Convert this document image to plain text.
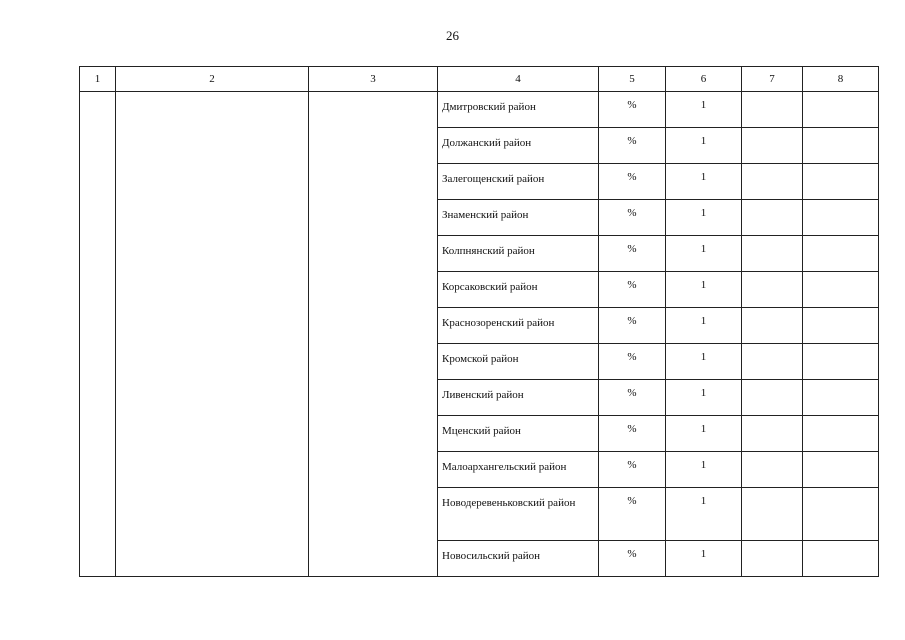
26
1	2	3	4	5	6	7	8
			Дмитровский район	%	1		
			Должанский район	%	1		
			Залегощенский район	%	1		
			Знаменский район	%	1		
			Колпнянский район	%	1		
			Корсаковский район	%	1		
			Краснозоренский район	%	1		
			Кромской район	%	1		
			Ливенский район	%	1		
			Мценский район	%	1		
			Малоархангельский район	%	1		
			Новодеревеньковский район	%	1		
			Новосильский район	%	1		
